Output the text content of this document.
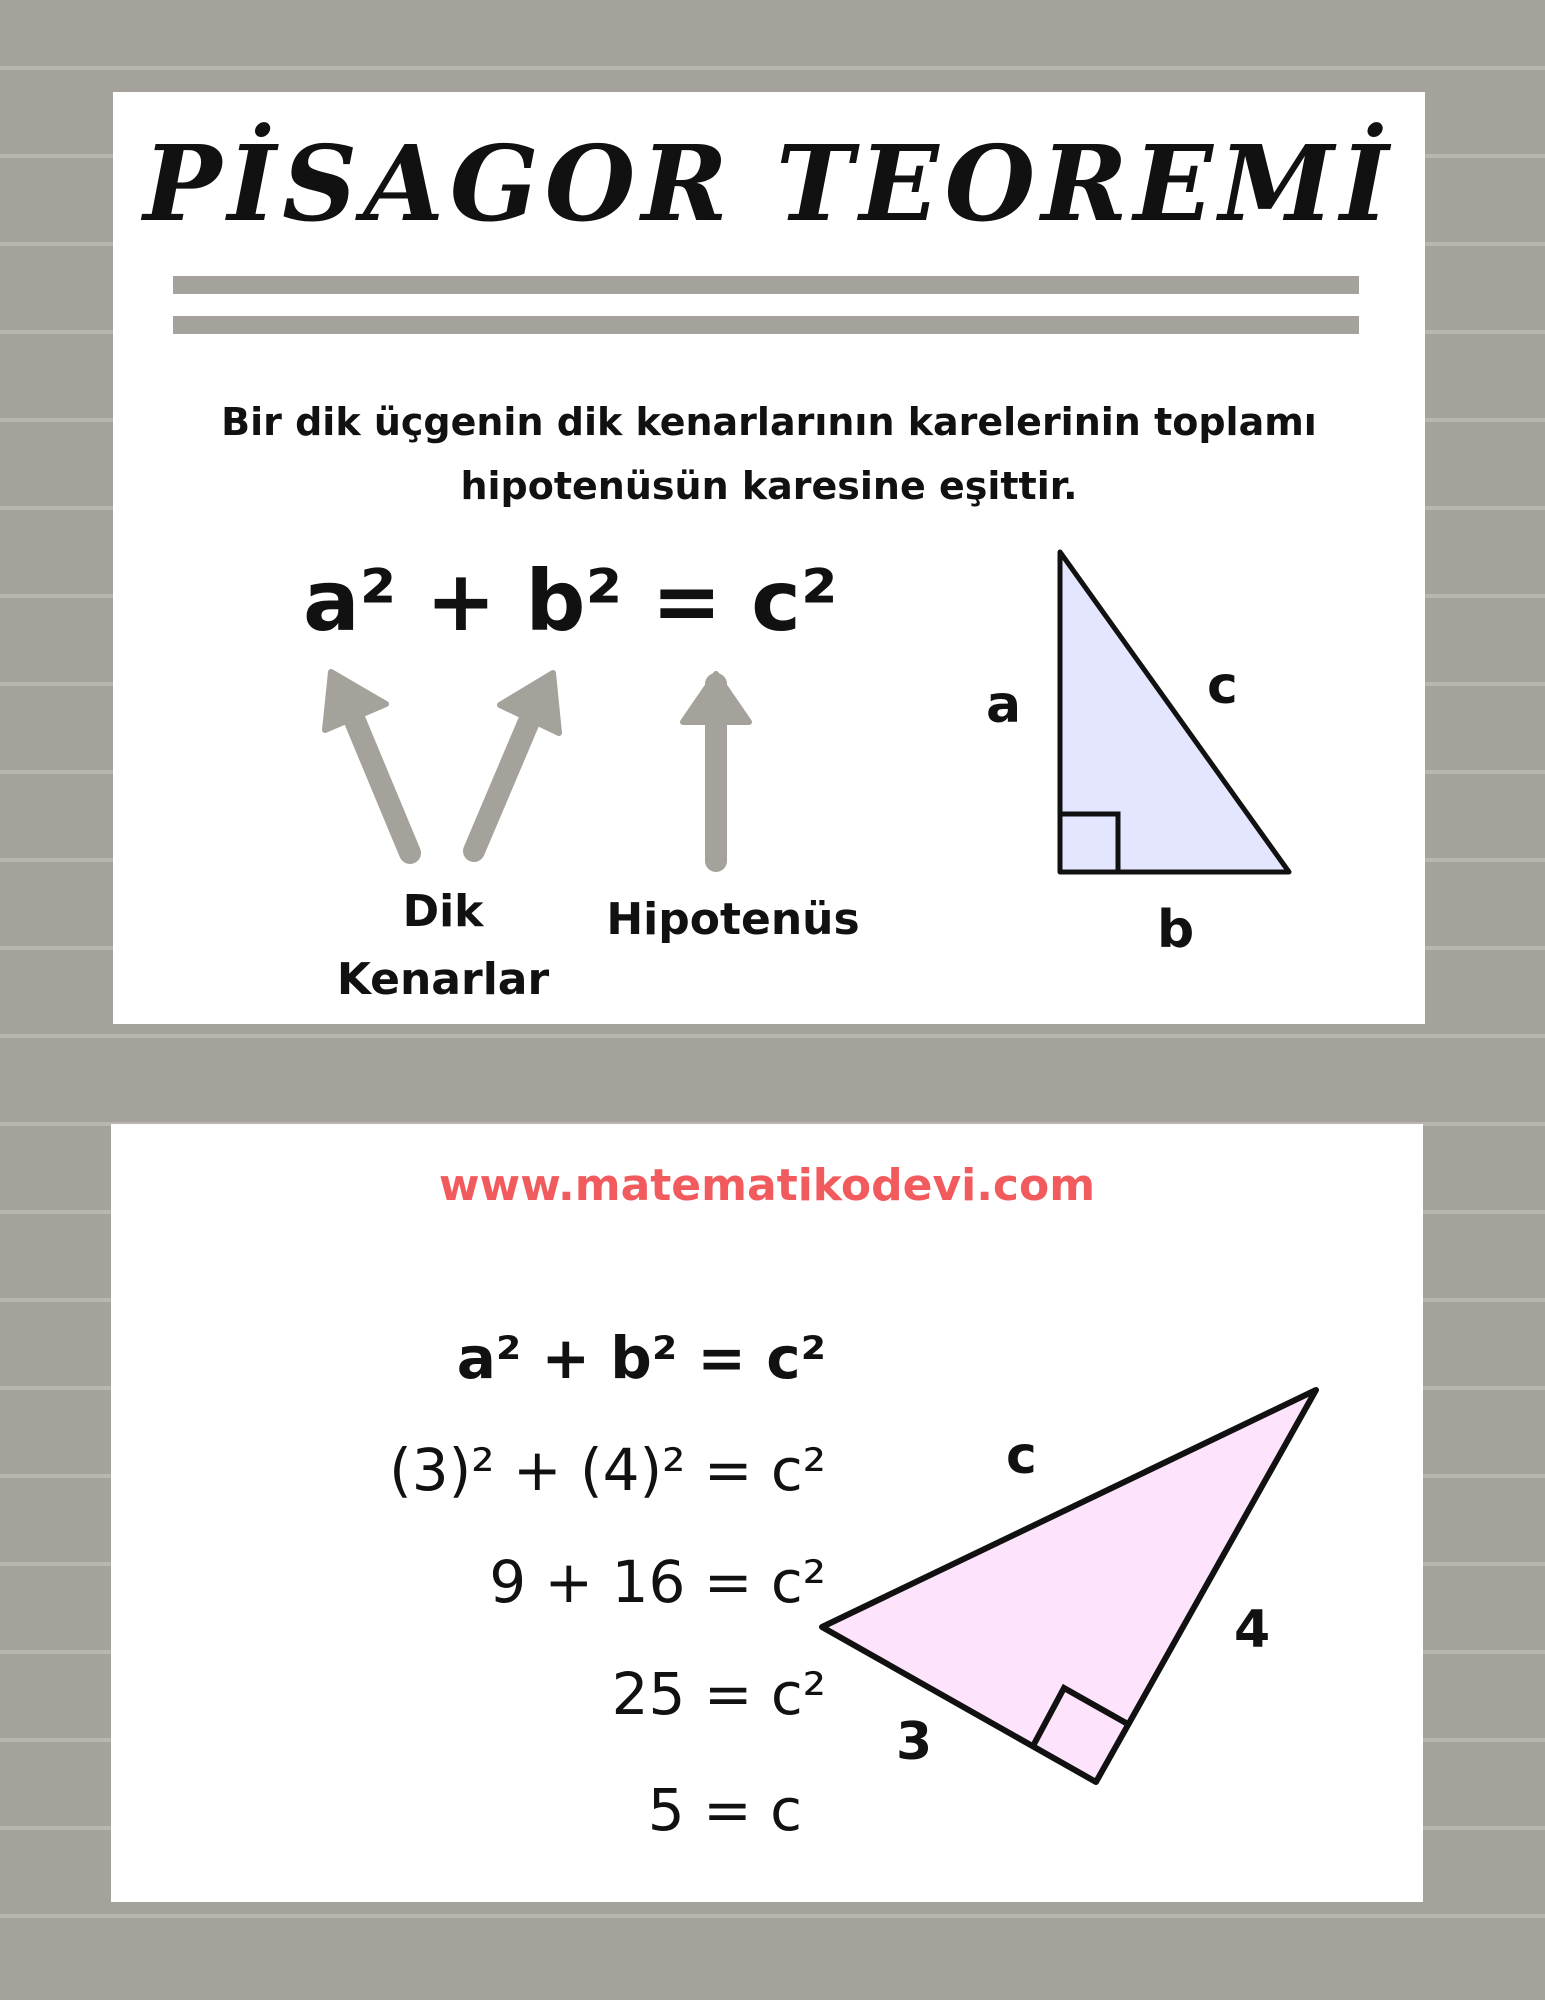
PİSAGOR TEOREMİ
Bir dik üçgenin dik kenarlarının karelerinin toplamı
hipotenüsün karesine eşittir.
a² + b² = c²
Dik
Kenarlar
Hipotenüs
a	c
b
www.matematikodevi.com
a² + b² = c²
(3)² + (4)² = c²
9 + 16 = c²
25 = c²
5 = c
c
4
3
